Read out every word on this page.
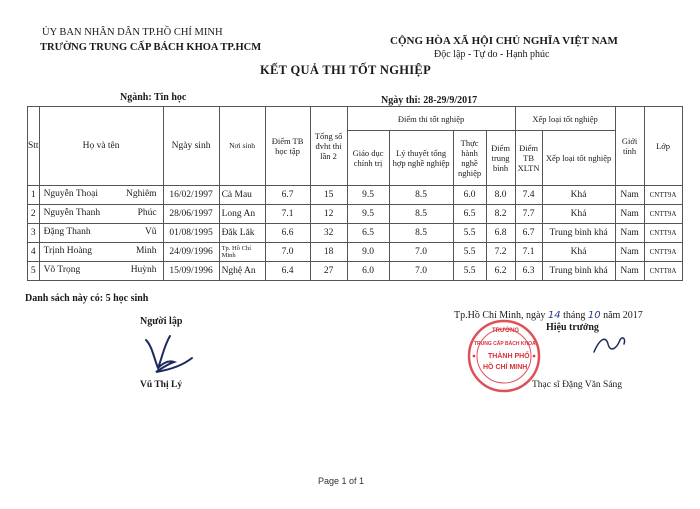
ỦY BAN NHÂN DÂN TP.HỒ CHÍ MINH
TRƯỜNG TRUNG CẤP BÁCH KHOA TP.HCM
CỘNG HÒA XÃ HỘI CHỦ NGHĨA VIỆT NAM
Độc lập - Tự do - Hạnh phúc
KẾT QUẢ THI TỐT NGHIỆP
Ngành: Tin học	Ngày thi: 28-29/9/2017
Stt	Họ và tên	Ngày sinh	Nơi sinh	Điểm TB học tập	Tổng số đvht thi lần 2	Điểm thi tốt nghiệp				Xếp loại tốt nghiệp		Giới tính	Lớp
						Giáo dục chính trị	Lý thuyết tổng hợp nghề nghiệp	Thực hành nghề nghiệp	Điểm trung bình	Điểm TB XLTN	Xếp loại tốt nghiệp		
1	Nguyễn Thoại Nghiêm	16/02/1997	Cà Mau	6.7	15	9.5	8.5	6.0	8.0	7.4	Khá	Nam	CNTT9A
2	Nguyễn Thanh Phúc	28/06/1997	Long An	7.1	12	9.5	8.5	6.5	8.2	7.7	Khá	Nam	CNTT9A
3	Đặng Thanh Vũ	01/08/1995	Đăk Lăk	6.6	32	6.5	8.5	5.5	6.8	6.7	Trung bình khá	Nam	CNTT9A
4	Trịnh Hoàng Minh	24/09/1996	Tp. Hồ Chí Minh	7.0	18	9.0	7.0	5.5	7.2	7.1	Khá	Nam	CNTT9A
5	Võ Trọng Huỳnh	15/09/1996	Nghệ An	6.4	27	6.0	7.0	5.5	6.2	6.3	Trung bình khá	Nam	CNTT8A
Danh sách này có: 5 học sinh
Người lập
Vũ Thị Lý
TRƯỜNG
TRUNG CẤP BÁCH KHOA
THÀNH PHỐ
HỒ CHÍ MINH
Tp.Hồ Chí Minh, ngày 14 tháng 10 năm 2017
Hiệu trưởng
Thạc sĩ Đặng Văn Sáng
Page 1 of 1
